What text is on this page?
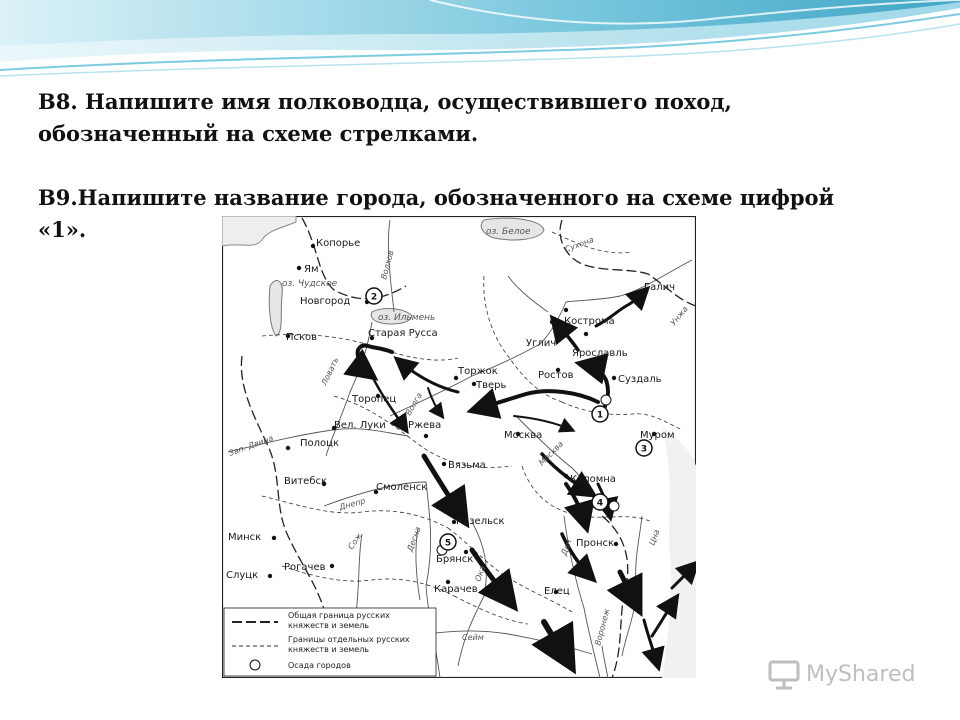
В8. Напишите имя полководца, осуществившего поход,
обозначенный на схеме стрелками.
В9.Напишите название города, обозначенного на схеме цифрой
«1».
1
2
3
4
5
Копорье
Ям
Новгород
Псков	Старая Русса
Торжок
Тверь
Углич
Ростов
Кострома
Ярославль
Галич
Суздаль
Торопец
Вел. Луки Ржева
Москва	Муром
Полоцк
Вязьма
Витебск
Смоленск
Коломна
Козельск
Минск
Брянск
Пронск
Слуцк
Рогачев
Карачев	Елец
оз. Белое
оз. Чудское
оз. Ильмень
Сухона
Волхов
Ловать
Волга
Унжа
Зап. Двина	Москва
Днепр
Десна
Сож
Ока
Дон
Цна
Сейм	Воронеж
Общая граница русских
княжеств и земель
Границы отдельных русских
княжеств и земель
Осада городов	MyShared
